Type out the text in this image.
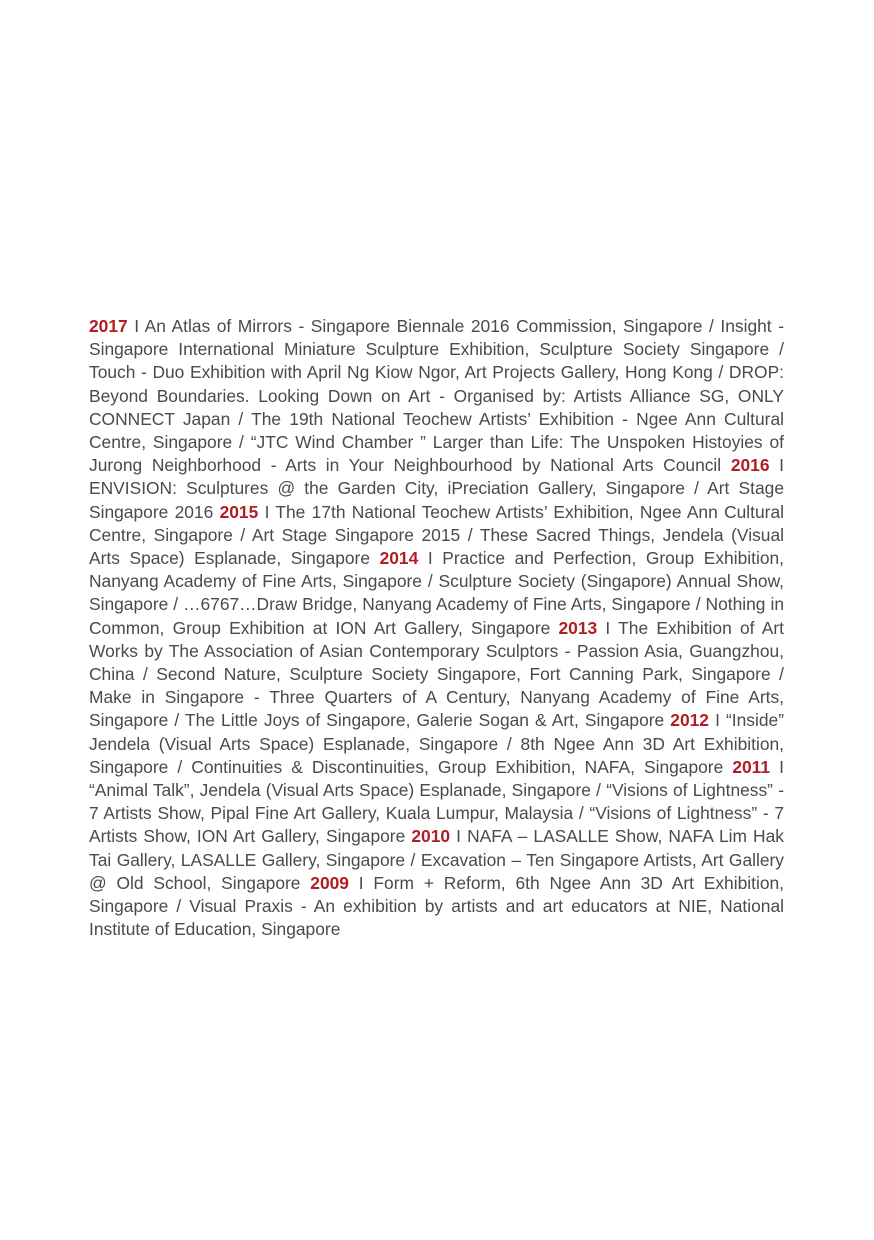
2017 I An Atlas of Mirrors - Singapore Biennale 2016 Commission, Singapore / Insight - Singapore International Miniature Sculpture Exhibition, Sculpture Society Singapore / Touch - Duo Exhibition with April Ng Kiow Ngor, Art Projects Gallery, Hong Kong / DROP: Beyond Boundaries. Looking Down on Art - Organised by: Artists Alliance SG, ONLY CONNECT Japan / The 19th National Teochew Artists’ Exhibition - Ngee Ann Cultural Centre, Singapore / “JTC Wind Chamber ” Larger than Life: The Unspoken Histoyies of Jurong Neighborhood - Arts in Your Neighbourhood by National Arts Council 2016 I ENVISION: Sculptures @ the Garden City, iPreciation Gallery, Singapore / Art Stage Singapore 2016 2015 I The 17th National Teochew Artists’ Exhibition, Ngee Ann Cultural Centre, Singapore / Art Stage Singapore 2015 / These Sacred Things, Jendela (Visual Arts Space) Esplanade, Singapore 2014 I Practice and Perfection, Group Exhibition, Nanyang Academy of Fine Arts, Singapore / Sculpture Society (Singapore) Annual Show, Singapore / …6767…Draw Bridge, Nanyang Academy of Fine Arts, Singapore / Nothing in Common, Group Exhibition at ION Art Gallery, Singapore 2013 I The Exhibition of Art Works by The Association of Asian Contemporary Sculptors - Passion Asia, Guangzhou, China / Second Nature, Sculpture Society Singapore, Fort Canning Park, Singapore / Make in Singapore - Three Quarters of A Century, Nanyang Academy of Fine Arts, Singapore / The Little Joys of Singapore, Galerie Sogan & Art, Singapore 2012 I “Inside” Jendela (Visual Arts Space) Esplanade, Singapore / 8th Ngee Ann 3D Art Exhibition, Singapore / Continuities & Discontinuities, Group Exhibition, NAFA, Singapore 2011 I “Animal Talk”, Jendela (Visual Arts Space) Esplanade, Singapore / “Visions of Lightness” - 7 Artists Show, Pipal Fine Art Gallery, Kuala Lumpur, Malaysia / “Visions of Lightness” - 7 Artists Show, ION Art Gallery, Singapore 2010 I NAFA – LASALLE Show, NAFA Lim Hak Tai Gallery, LASALLE Gallery, Singapore / Excavation – Ten Singapore Artists, Art Gallery @ Old School, Singapore 2009 I Form + Reform, 6th Ngee Ann 3D Art Exhibition, Singapore / Visual Praxis - An exhibition by artists and art educators at NIE, National Institute of Education, Singapore
